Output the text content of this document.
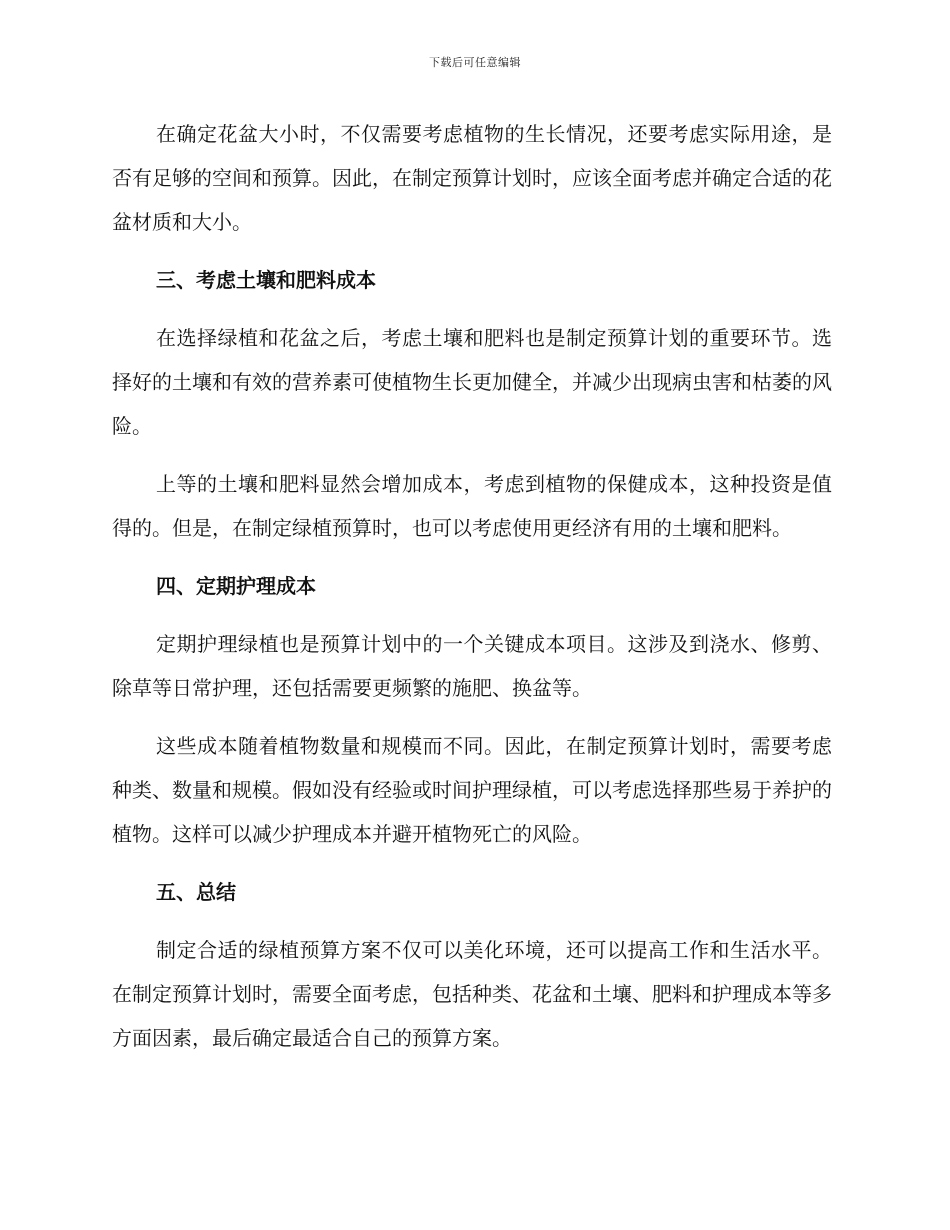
下载后可任意编辑

在确定花盆大小时，不仅需要考虑植物的生长情况，还要考虑实际用途，是否有足够的空间和预算。因此，在制定预算计划时，应该全面考虑并确定合适的花盆材质和大小。

三、考虑土壤和肥料成本

在选择绿植和花盆之后，考虑土壤和肥料也是制定预算计划的重要环节。选择好的土壤和有效的营养素可使植物生长更加健全，并减少出现病虫害和枯萎的风险。

上等的土壤和肥料显然会增加成本，考虑到植物的保健成本，这种投资是值得的。但是，在制定绿植预算时，也可以考虑使用更经济有用的土壤和肥料。

四、定期护理成本

定期护理绿植也是预算计划中的一个关键成本项目。这涉及到浇水、修剪、除草等日常护理，还包括需要更频繁的施肥、换盆等。

这些成本随着植物数量和规模而不同。因此，在制定预算计划时，需要考虑种类、数量和规模。假如没有经验或时间护理绿植，可以考虑选择那些易于养护的植物。这样可以减少护理成本并避开植物死亡的风险。

五、总结

制定合适的绿植预算方案不仅可以美化环境，还可以提高工作和生活水平。在制定预算计划时，需要全面考虑，包括种类、花盆和土壤、肥料和护理成本等多方面因素，最后确定最适合自己的预算方案。
